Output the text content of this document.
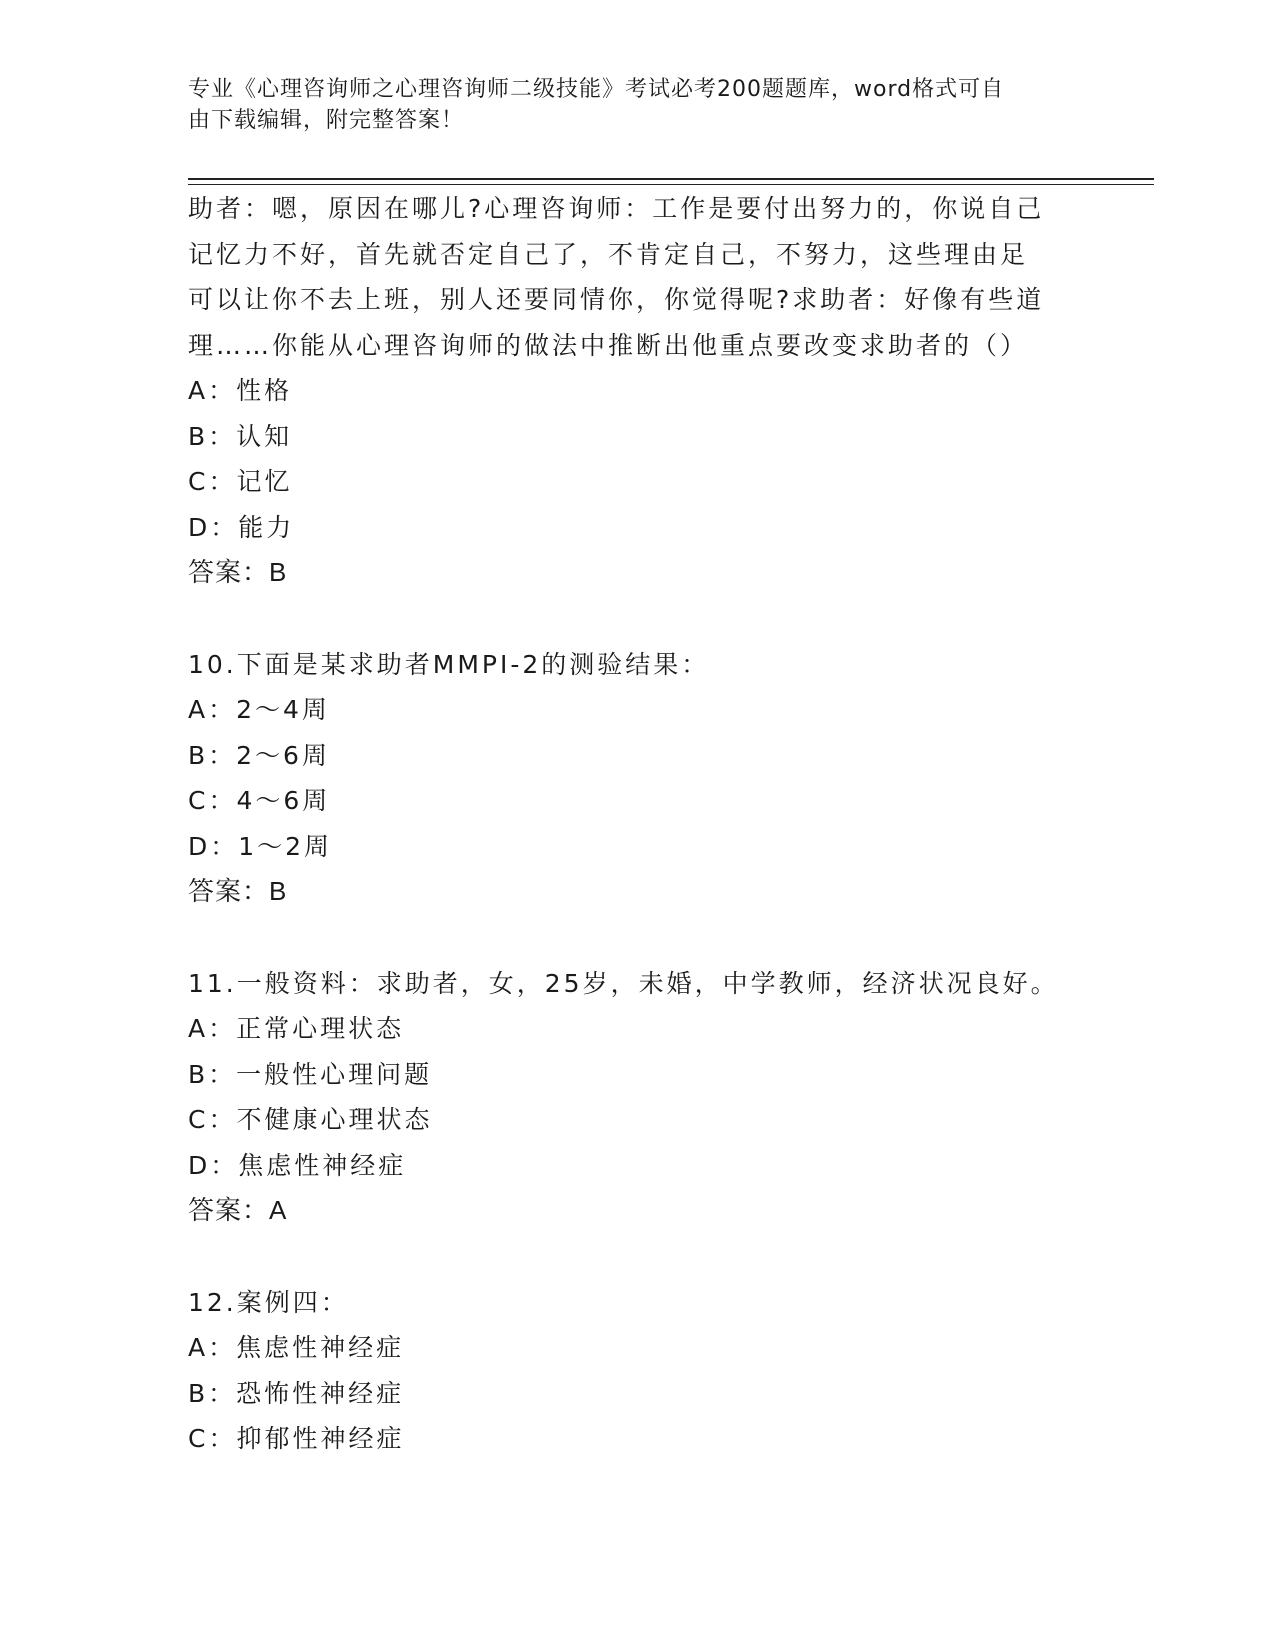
专业《心理咨询师之心理咨询师二级技能》考试必考200题题库，word格式可自
由下载编辑，附完整答案！
助者：嗯，原因在哪儿?心理咨询师：工作是要付出努力的，你说自己
记忆力不好，首先就否定自己了，不肯定自己，不努力，这些理由足
可以让你不去上班，别人还要同情你，你觉得呢?求助者：好像有些道
理……你能从心理咨询师的做法中推断出他重点要改变求助者的（）
A：性格
B：认知
C：记忆
D：能力
答案：B
10.下面是某求助者MMPI-2的测验结果：
A：2～4周
B：2～6周
C：4～6周
D：1～2周
答案：B
11.一般资料：求助者，女，25岁，未婚，中学教师，经济状况良好。
A：正常心理状态
B：一般性心理问题
C：不健康心理状态
D：焦虑性神经症
答案：A
12.案例四：
A：焦虑性神经症
B：恐怖性神经症
C：抑郁性神经症
